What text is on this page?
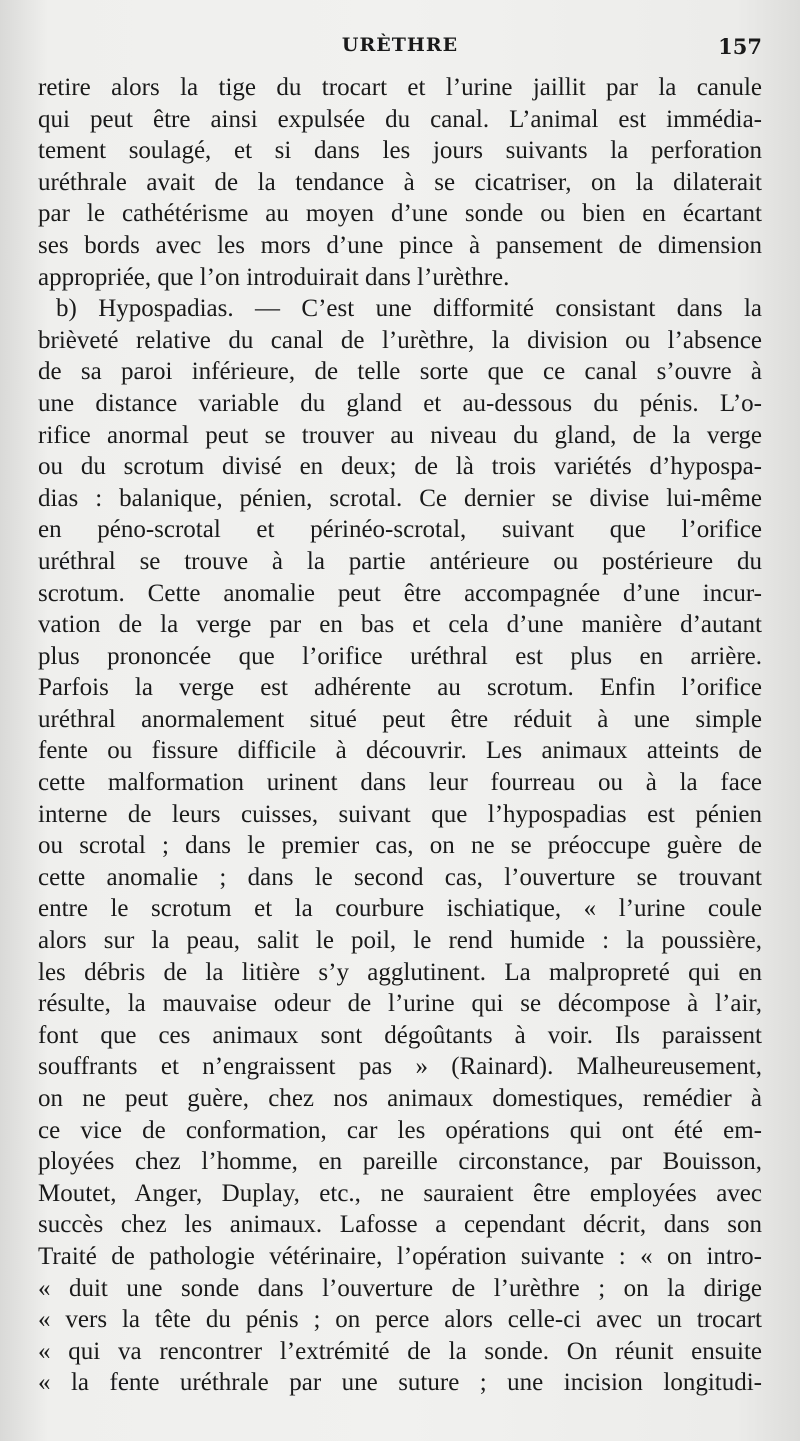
URÈTHRE	157
retire alors la tige du trocart et l’urine jaillit par la canule
qui peut être ainsi expulsée du canal. L’animal est immédia-
tement soulagé, et si dans les jours suivants la perforation
uréthrale avait de la tendance à se cicatriser, on la dilaterait
par le cathétérisme au moyen d’une sonde ou bien en écartant
ses bords avec les mors d’une pince à pansement de dimension
appropriée, que l’on introduirait dans l’urèthre.
b) Hypospadias. — C’est une difformité consistant dans la
brièveté relative du canal de l’urèthre, la division ou l’absence
de sa paroi inférieure, de telle sorte que ce canal s’ouvre à
une distance variable du gland et au-dessous du pénis. L’o-
rifice anormal peut se trouver au niveau du gland, de la verge
ou du scrotum divisé en deux; de là trois variétés d’hypospa-
dias : balanique, pénien, scrotal. Ce dernier se divise lui-même
en péno-scrotal et périnéo-scrotal, suivant que l’orifice
uréthral se trouve à la partie antérieure ou postérieure du
scrotum. Cette anomalie peut être accompagnée d’une incur-
vation de la verge par en bas et cela d’une manière d’autant
plus prononcée que l’orifice uréthral est plus en arrière.
Parfois la verge est adhérente au scrotum. Enfin l’orifice
uréthral anormalement situé peut être réduit à une simple
fente ou fissure difficile à découvrir. Les animaux atteints de
cette malformation urinent dans leur fourreau ou à la face
interne de leurs cuisses, suivant que l’hypospadias est pénien
ou scrotal ; dans le premier cas, on ne se préoccupe guère de
cette anomalie ; dans le second cas, l’ouverture se trouvant
entre le scrotum et la courbure ischiatique, « l’urine coule
alors sur la peau, salit le poil, le rend humide : la poussière,
les débris de la litière s’y agglutinent. La malpropreté qui en
résulte, la mauvaise odeur de l’urine qui se décompose à l’air,
font que ces animaux sont dégoûtants à voir. Ils paraissent
souffrants et n’engraissent pas » (Rainard). Malheureusement,
on ne peut guère, chez nos animaux domestiques, remédier à
ce vice de conformation, car les opérations qui ont été em-
ployées chez l’homme, en pareille circonstance, par Bouisson,
Moutet, Anger, Duplay, etc., ne sauraient être employées avec
succès chez les animaux. Lafosse a cependant décrit, dans son
Traité de pathologie vétérinaire, l’opération suivante : « on intro-
« duit une sonde dans l’ouverture de l’urèthre ; on la dirige
« vers la tête du pénis ; on perce alors celle-ci avec un trocart
« qui va rencontrer l’extrémité de la sonde. On réunit ensuite
« la fente uréthrale par une suture ; une incision longitudi-
